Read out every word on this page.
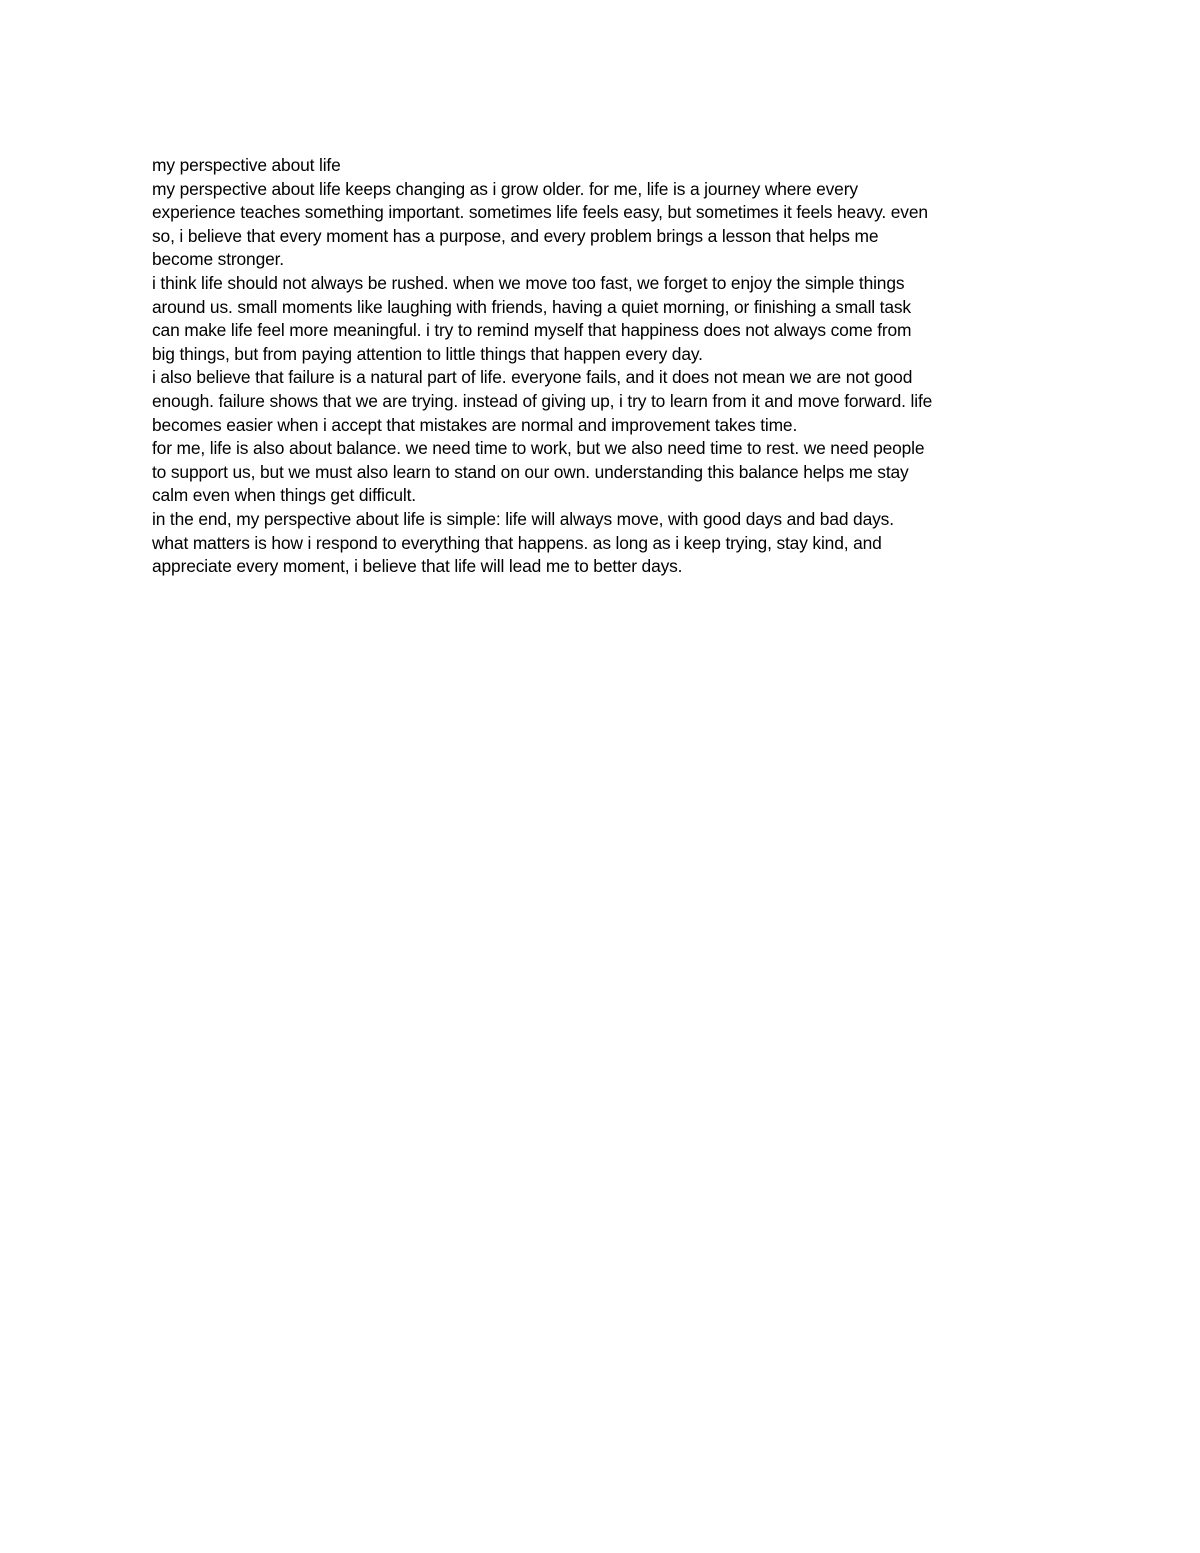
my perspective about life
my perspective about life keeps changing as i grow older. for me, life is a journey where every
experience teaches something important. sometimes life feels easy, but sometimes it feels heavy. even
so, i believe that every moment has a purpose, and every problem brings a lesson that helps me
become stronger.
i think life should not always be rushed. when we move too fast, we forget to enjoy the simple things
around us. small moments like laughing with friends, having a quiet morning, or finishing a small task
can make life feel more meaningful. i try to remind myself that happiness does not always come from
big things, but from paying attention to little things that happen every day.
i also believe that failure is a natural part of life. everyone fails, and it does not mean we are not good
enough. failure shows that we are trying. instead of giving up, i try to learn from it and move forward. life
becomes easier when i accept that mistakes are normal and improvement takes time.
for me, life is also about balance. we need time to work, but we also need time to rest. we need people
to support us, but we must also learn to stand on our own. understanding this balance helps me stay
calm even when things get difficult.
in the end, my perspective about life is simple: life will always move, with good days and bad days.
what matters is how i respond to everything that happens. as long as i keep trying, stay kind, and
appreciate every moment, i believe that life will lead me to better days.
